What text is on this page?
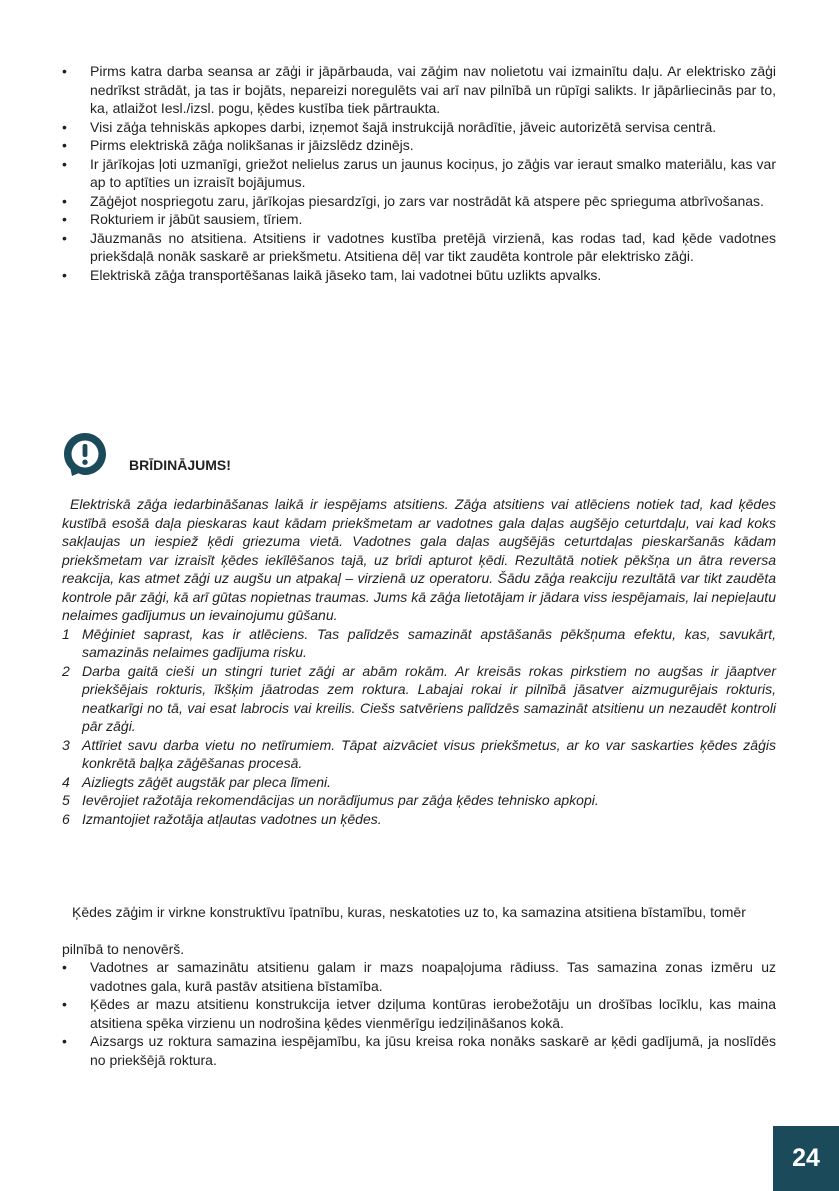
• Pirms katra darba seansa ar zāģi ir jāpārbauda, vai zāģim nav nolietotu vai izmainītu daļu. Ar elektrisko zāģi nedrīkst strādāt, ja tas ir bojāts, nepareizi noregulēts vai arī nav pilnībā un rūpīgi salikts. Ir jāpārliecinās par to, ka, atlaižot Iesl./izsl. pogu, ķēdes kustība tiek pārtraukta.
• Visi zāģa tehniskās apkopes darbi, izņemot šajā instrukcijā norādītie, jāveic autorizētā servisa centrā.
• Pirms elektriskā zāģa nolikšanas ir jāizslēdz dzinējs.
• Ir jārīkojas ļoti uzmanīgi, griežot nelielus zarus un jaunus kociņus, jo zāģis var ieraut smalko materiālu, kas var ap to aptīties un izraisīt bojājumus.
• Zāģējot nospriegotu zaru, jārīkojas piesardzīgi, jo zars var nostrādāt kā atspere pēc sprieguma atbrīvošanas.
• Rokturiem ir jābūt sausiem, tīriem.
• Jāuzmanās no atsitiena. Atsitiens ir vadotnes kustība pretējā virzienā, kas rodas tad, kad ķēde vadotnes priekšdaļā nonāk saskarē ar priekšmetu. Atsitiena dēļ var tikt zaudēta kontrole pār elektrisko zāģi.
• Elektriskā zāģa transportēšanas laikā jāseko tam, lai vadotnei būtu uzlikts apvalks.
BRĪDINĀJUMS!

Elektriskā zāģa iedarbināšanas laikā ir iespējams atsitiens. Zāģa atsitiens vai atlēciens notiek tad, kad ķēdes kustībā esošā daļa pieskaras kaut kādam priekšmetam ar vadotnes gala daļas augšējo ceturtdaļu, vai kad koks sakļaujas un iespiež ķēdi griezuma vietā. Vadotnes gala daļas augšējās ceturtdaļas pieskaršanās kādam priekšmetam var izraisīt ķēdes iekīlēšanos tajā, uz brīdi apturot ķēdi. Rezultātā notiek pēkšņa un ātra reversa reakcija, kas atmet zāģi uz augšu un atpakaļ – virzienā uz operatoru. Šādu zāģa reakciju rezultātā var tikt zaudēta kontrole pār zāģi, kā arī gūtas nopietnas traumas. Jums kā zāģa lietotājam ir jādara viss iespējamais, lai nepieļautu nelaimes gadījumus un ievainojumu gūšanu.

1 Mēģiniet saprast, kas ir atlēciens. Tas palīdzēs samazināt apstāšanās pēkšņuma efektu, kas, savukārt, samazinās nelaimes gadījuma risku.
2 Darba gaitā cieši un stingri turiet zāģi ar abām rokām. Ar kreisās rokas pirkstiem no augšas ir jāaptver priekšējais rokturis, īkšķim jāatrodas zem roktura. Labajai rokai ir pilnībā jāsatver aizmugurējais rokturis, neatkarīgi no tā, vai esat labrocis vai kreilis. Ciešs satvēriens palīdzēs samazināt atsitienu un nezaudēt kontroli pār zāģi.
3 Attīriet savu darba vietu no netīrumiem. Tāpat aizvāciet visus priekšmetus, ar ko var saskarties ķēdes zāģis konkrētā baļķa zāģēšanas procesā.
4 Aizliegts zāģēt augstāk par pleca līmeni.
5 Ievērojiet ražotāja rekomendācijas un norādījumus par zāģa ķēdes tehnisko apkopi.
6 Izmantojiet ražotāja atļautas vadotnes un ķēdes.

Ķēdes zāģim ir virkne konstruktīvu īpatnību, kuras, neskatoties uz to, ka samazina atsitiena bīstamību, tomēr

pilnībā to nenovērš.

• Vadotnes ar samazinātu atsitienu galam ir mazs noapaļojuma rādiuss. Tas samazina zonas izmēru uz vadotnes gala, kurā pastāv atsitiena bīstamība.
• Ķēdes ar mazu atsitienu konstrukcija ietver dziļuma kontūras ierobežotāju un drošības locīklu, kas maina atsitiena spēka virzienu un nodrošina ķēdes vienmērīgu iedziļināšanos kokā.
• Aizsargs uz roktura samazina iespējamību, ka jūsu kreisa roka nonāks saskarē ar ķēdi gadījumā, ja noslīdēs no priekšējā roktura.
24
